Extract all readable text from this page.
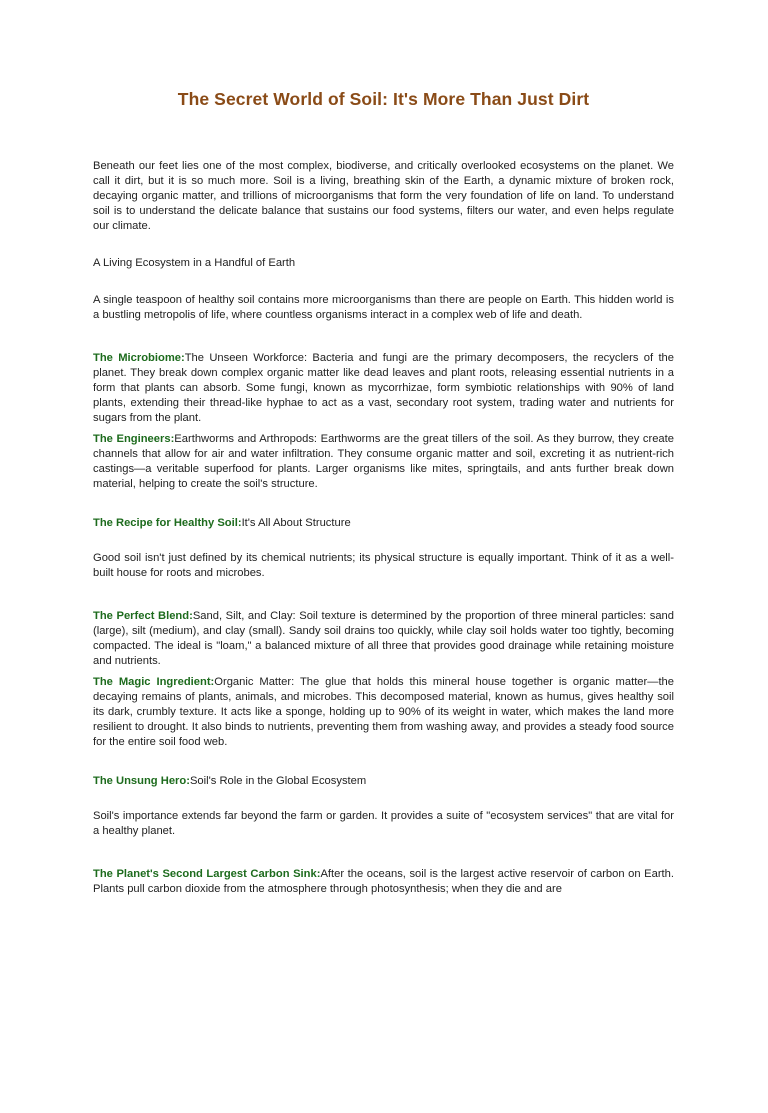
The Secret World of Soil: It's More Than Just Dirt

Beneath our feet lies one of the most complex, biodiverse, and critically overlooked ecosystems on the planet. We call it dirt, but it is so much more. Soil is a living, breathing skin of the Earth, a dynamic mixture of broken rock, decaying organic matter, and trillions of microorganisms that form the very foundation of life on land. To understand soil is to understand the delicate balance that sustains our food systems, filters our water, and even helps regulate our climate.

A Living Ecosystem in a Handful of Earth

A single teaspoon of healthy soil contains more microorganisms than there are people on Earth. This hidden world is a bustling metropolis of life, where countless organisms interact in a complex web of life and death.

The Microbiome:The Unseen Workforce: Bacteria and fungi are the primary decomposers, the recyclers of the planet. They break down complex organic matter like dead leaves and plant roots, releasing essential nutrients in a form that plants can absorb. Some fungi, known as mycorrhizae, form symbiotic relationships with 90% of land plants, extending their thread-like hyphae to act as a vast, secondary root system, trading water and nutrients for sugars from the plant.

The Engineers:Earthworms and Arthropods: Earthworms are the great tillers of the soil. As they burrow, they create channels that allow for air and water infiltration. They consume organic matter and soil, excreting it as nutrient-rich castings—a veritable superfood for plants. Larger organisms like mites, springtails, and ants further break down material, helping to create the soil's structure.

The Recipe for Healthy Soil:It's All About Structure

Good soil isn't just defined by its chemical nutrients; its physical structure is equally important. Think of it as a well-built house for roots and microbes.

The Perfect Blend:Sand, Silt, and Clay: Soil texture is determined by the proportion of three mineral particles: sand (large), silt (medium), and clay (small). Sandy soil drains too quickly, while clay soil holds water too tightly, becoming compacted. The ideal is "loam," a balanced mixture of all three that provides good drainage while retaining moisture and nutrients.

The Magic Ingredient:Organic Matter: The glue that holds this mineral house together is organic matter—the decaying remains of plants, animals, and microbes. This decomposed material, known as humus, gives healthy soil its dark, crumbly texture. It acts like a sponge, holding up to 90% of its weight in water, which makes the land more resilient to drought. It also binds to nutrients, preventing them from washing away, and provides a steady food source for the entire soil food web.

The Unsung Hero:Soil's Role in the Global Ecosystem

Soil's importance extends far beyond the farm or garden. It provides a suite of "ecosystem services" that are vital for a healthy planet.

The Planet's Second Largest Carbon Sink:After the oceans, soil is the largest active reservoir of carbon on Earth. Plants pull carbon dioxide from the atmosphere through photosynthesis; when they die and are
